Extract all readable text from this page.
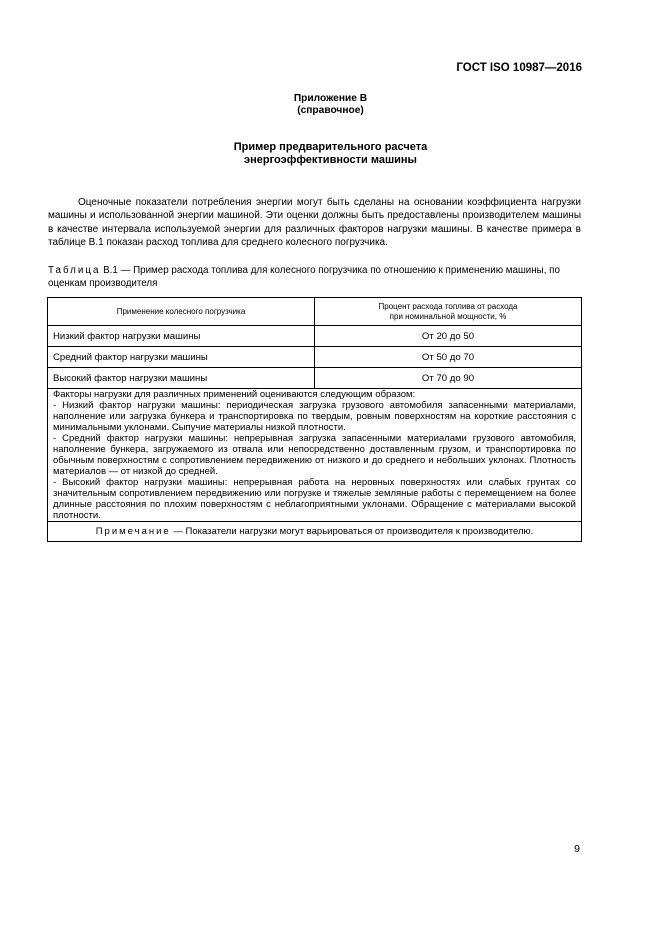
ГОСТ ISO 10987—2016
Приложение В
(справочное)
Пример предварительного расчета
энергоэффективности машины
Оценочные показатели потребления энергии могут быть сделаны на основании коэффициента нагрузки машины и использованной энергии машиной. Эти оценки должны быть предоставлены производителем машины в качестве интервала используемой энергии для различных факторов нагрузки машины. В качестве примера в таблице В.1 показан расход топлива для среднего колесного погрузчика.
Таблица В.1 — Пример расхода топлива для колесного погрузчика по отношению к применению машины, по оценкам производителя
Применение колесного погрузчика	Процент расхода топлива от расхода
при номинальной мощности, %

Низкий фактор нагрузки машины	От 20 до 50
Средний фактор нагрузки машины	От 50 до 70
Высокий фактор нагрузки машины	От 70 до 90

Факторы нагрузки для различных применений оцениваются следующим образом:
- Низкий фактор нагрузки машины: периодическая загрузка грузового автомобиля запасенными материалами, наполнение или загрузка бункера и транспортировка по твердым, ровным поверхностям на короткие расстояния с минимальными уклонами. Сыпучие материалы низкой плотности.
- Средний фактор нагрузки машины: непрерывная загрузка запасенными материалами грузового автомобиля, наполнение бункера, загружаемого из отвала или непосредственно доставленным грузом, и транспортировка по обычным поверхностям с сопротивлением передвижению от низкого и до среднего и небольших уклонах. Плотность материалов — от низкой до средней.
- Высокий фактор нагрузки машины: непрерывная работа на неровных поверхностях или слабых грунтах со значительным сопротивлением передвижению или погрузке и тяжелые земляные работы с перемещением на более длинные расстояния по плохим поверхностям с неблагоприятными уклонами. Обращение с материалами высокой плотности.	

Примечание — Показатели нагрузки могут варьироваться от производителя к производителю.	
9
